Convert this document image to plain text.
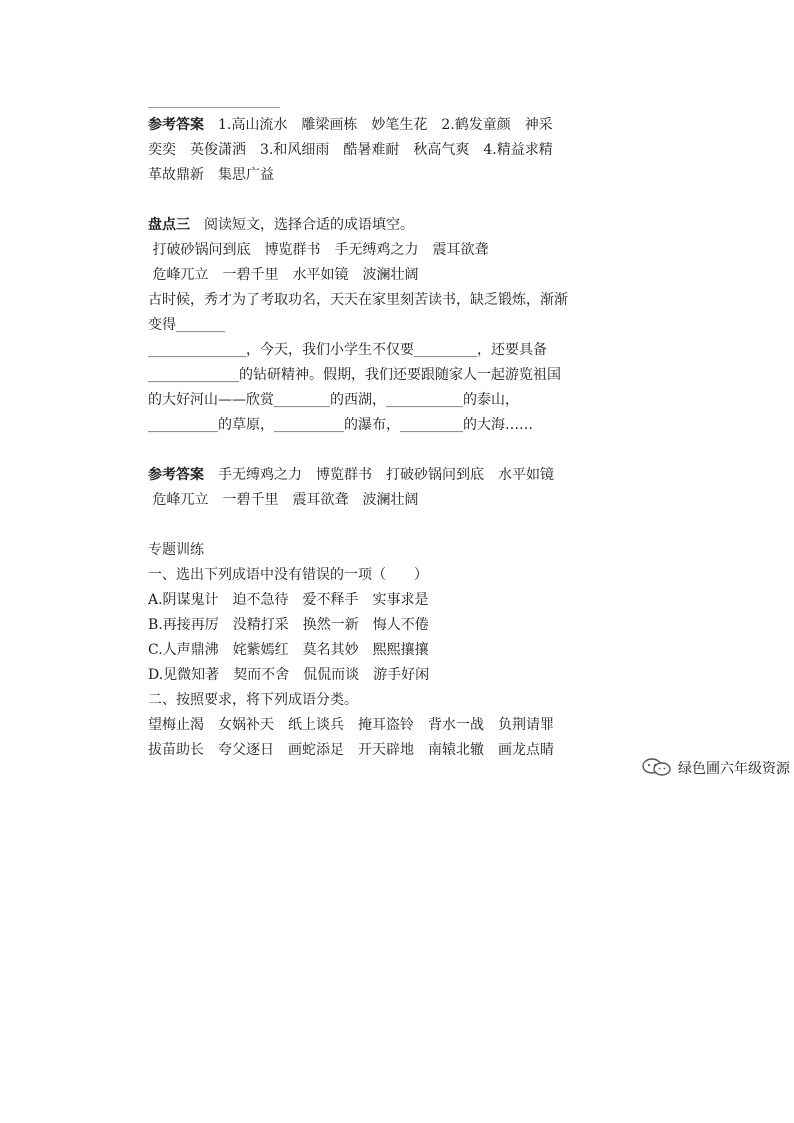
参考答案　1.高山流水　雕梁画栋　妙笔生花　2.鹤发童颜　神采
奕奕　英俊潇洒　3.和风细雨　酷暑难耐　秋高气爽　4.精益求精
革故鼎新　集思广益
盘点三　阅读短文，选择合适的成语填空。
打破砂锅问到底　博览群书　手无缚鸡之力　震耳欲聋
危峰兀立　一碧千里　水平如镜　波澜壮阔
古时候，秀才为了考取功名，天天在家里刻苦读书，缺乏锻炼，渐渐
变得_______
______________，今天，我们小学生不仅要_________，还要具备
_____________的钻研精神。假期，我们还要跟随家人一起游览祖国
的大好河山——欣赏________的西湖，___________的泰山，
__________的草原，__________的瀑布，_________的大海……
参考答案　手无缚鸡之力　博览群书　打破砂锅问到底　水平如镜
危峰兀立　一碧千里　震耳欲聋　波澜壮阔
专题训练
一、选出下列成语中没有错误的一项（　　）
A.阴谋鬼计　迫不急待　爱不释手　实事求是
B.再接再厉　没精打采　换然一新　悔人不倦
C.人声鼎沸　姹紫嫣红　莫名其妙　熙熙攘攘
D.见微知著　契而不舍　侃侃而谈　游手好闲
二、按照要求，将下列成语分类。
望梅止渴　女娲补天　纸上谈兵　掩耳盗铃　背水一战　负荆请罪
拔苗助长　夸父逐日　画蛇添足　开天辟地　南辕北辙　画龙点睛
绿色圃六年级资源
